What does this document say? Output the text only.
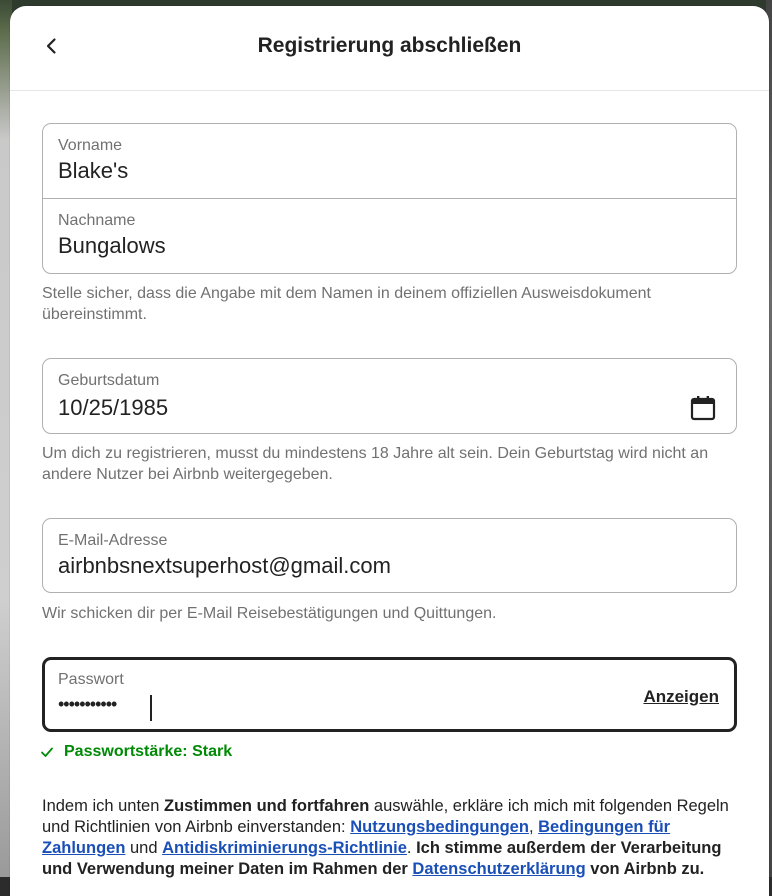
Registrierung abschließen
Vorname
Blake's
Nachname
Bungalows
Stelle sicher, dass die Angabe mit dem Namen in deinem offiziellen Ausweisdokument übereinstimmt.
Geburtsdatum
10/25/1985
Um dich zu registrieren, musst du mindestens 18 Jahre alt sein. Dein Geburtstag wird nicht an andere Nutzer bei Airbnb weitergegeben.
E-Mail-Adresse
airbnbsnextsuperhost@gmail.com
Wir schicken dir per E-Mail Reisebestätigungen und Quittungen.
Passwort
•••••••••••	Anzeigen
Passwortstärke: Stark
Indem ich unten Zustimmen und fortfahren auswähle, erkläre ich mich mit folgenden Regeln und Richtlinien von Airbnb einverstanden: Nutzungsbedingungen, Bedingungen für Zahlungen und Antidiskriminierungs-Richtlinie. Ich stimme außerdem der Verarbeitung und Verwendung meiner Daten im Rahmen der Datenschutzerklärung von Airbnb zu.
